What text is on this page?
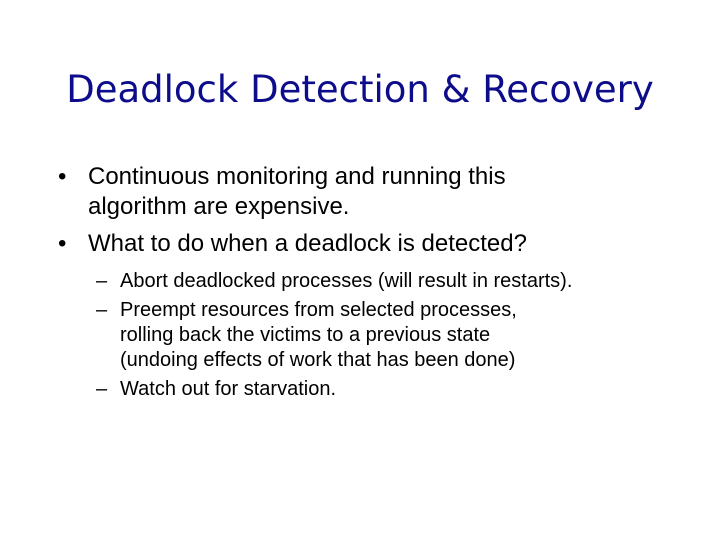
Deadlock Detection & Recovery
• Continuous monitoring and running this
algorithm are expensive.
• What to do when a deadlock is detected?
– Abort deadlocked processes (will result in restarts).
– Preempt resources from selected processes,
rolling back the victims to a previous state
(undoing effects of work that has been done)
– Watch out for starvation.
